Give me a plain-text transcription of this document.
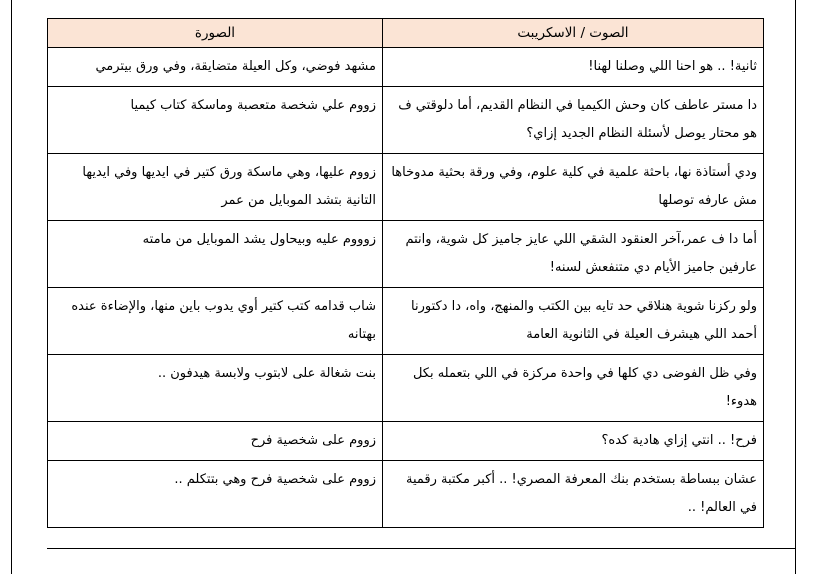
الصوت / الاسكريبت	الصورة
ثانية! .. هو احنا اللي وصلنا لهنا!	مشهد فوضي، وكل العيلة متضايقة، وفي ورق بيترمي
دا مستر عاطف كان وحش الكيميا في النظام القديم، أما دلوقتي ف هو محتار يوصل لأسئلة النظام الجديد إزاي؟	زووم علي شخصة متعصبة وماسكة كتاب كيميا
ودي أستاذة نها، باحثة علمية في كلية علوم، وفي ورقة بحثية مدوخاها مش عارفه توصلها	زووم عليها، وهي ماسكة ورق كتير في ايديها وفي ايديها التانية بتشد الموبايل من عمر
أما دا ف عمر،آخر العنقود الشقي اللي عايز جاميز كل شوية، وانتم عارفين جاميز الأيام دي متنفعش لسنه!	زوووم عليه وبيحاول يشد الموبايل من مامته
ولو ركزنا شوية هنلاقي حد تايه بين الكتب والمنهج، واه، دا دكتورنا أحمد اللي هيشرف العيلة في الثانوية العامة	شاب قدامه كتب كتير أوي يدوب باين منها، والإضاءة عنده بهتانه
وفي ظل الفوضى دي كلها في واحدة مركزة في اللي بتعمله بكل هدوء!	بنت شغالة على لابتوب ولابسة هيدفون ..
فرح! .. انتي إزاي هادية كده؟	زووم على شخصية فرح
عشان ببساطة بستخدم بنك المعرفة المصري! .. أكبر مكتبة رقمية في العالم! ..	زووم على شخصية فرح وهي بتتكلم ..
